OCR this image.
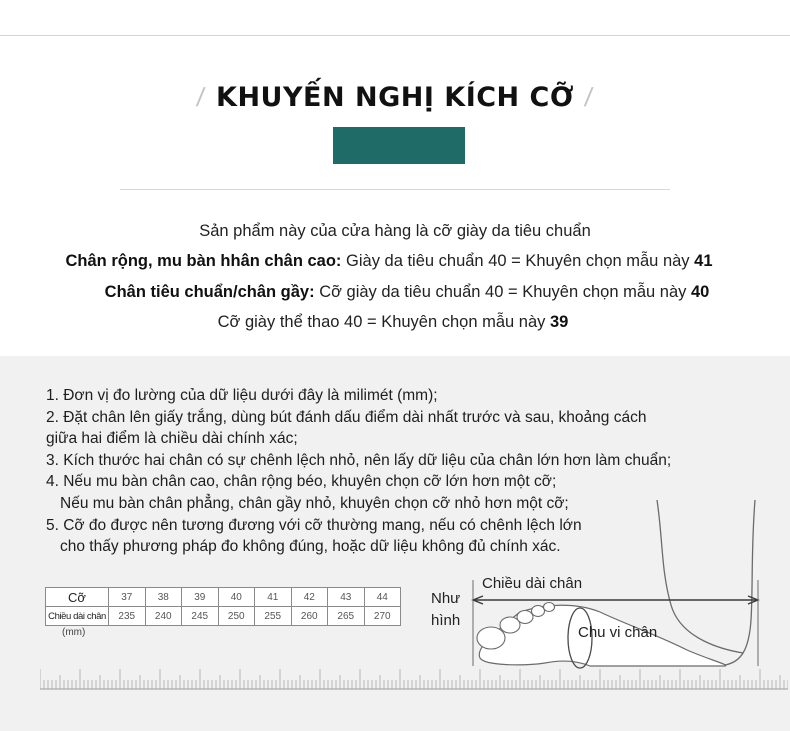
/ KHUYẾN NGHỊ KÍCH CỠ /
Sản phẩm này của cửa hàng là cỡ giày da tiêu chuẩn
Chân rộng, mu bàn hhân chân cao: Giày da tiêu chuẩn 40 = Khuyên chọn mẫu này 41
Chân tiêu chuẩn/chân gầy: Cỡ giày da tiêu chuẩn 40 = Khuyên chọn mẫu này 40
Cỡ giày thể thao 40 = Khuyên chọn mẫu này 39
1. Đơn vị đo lường của dữ liệu dưới đây là milimét (mm);
2. Đặt chân lên giấy trắng, dùng bút đánh dấu điểm dài nhất trước và sau, khoảng cách
giữa hai điểm là chiều dài chính xác;
3. Kích thước hai chân có sự chênh lệch nhỏ, nên lấy dữ liệu của chân lớn hơn làm chuẩn;
4. Nếu mu bàn chân cao, chân rộng béo, khuyên chọn cỡ lớn hơn một cỡ;
Nếu mu bàn chân phẳng, chân gầy nhỏ, khuyên chọn cỡ nhỏ hơn một cỡ;
5. Cỡ đo được nên tương đương với cỡ thường mang, nếu có chênh lệch lớn
cho thấy phương pháp đo không đúng, hoặc dữ liệu không đủ chính xác.
Cỡ	37	38	39	40	41	42	43	44
Chiều dài chân	235	240	245	250	255	260	265	270
(mm)
Chiều dài chân
Như
hình
Chu vi chân
